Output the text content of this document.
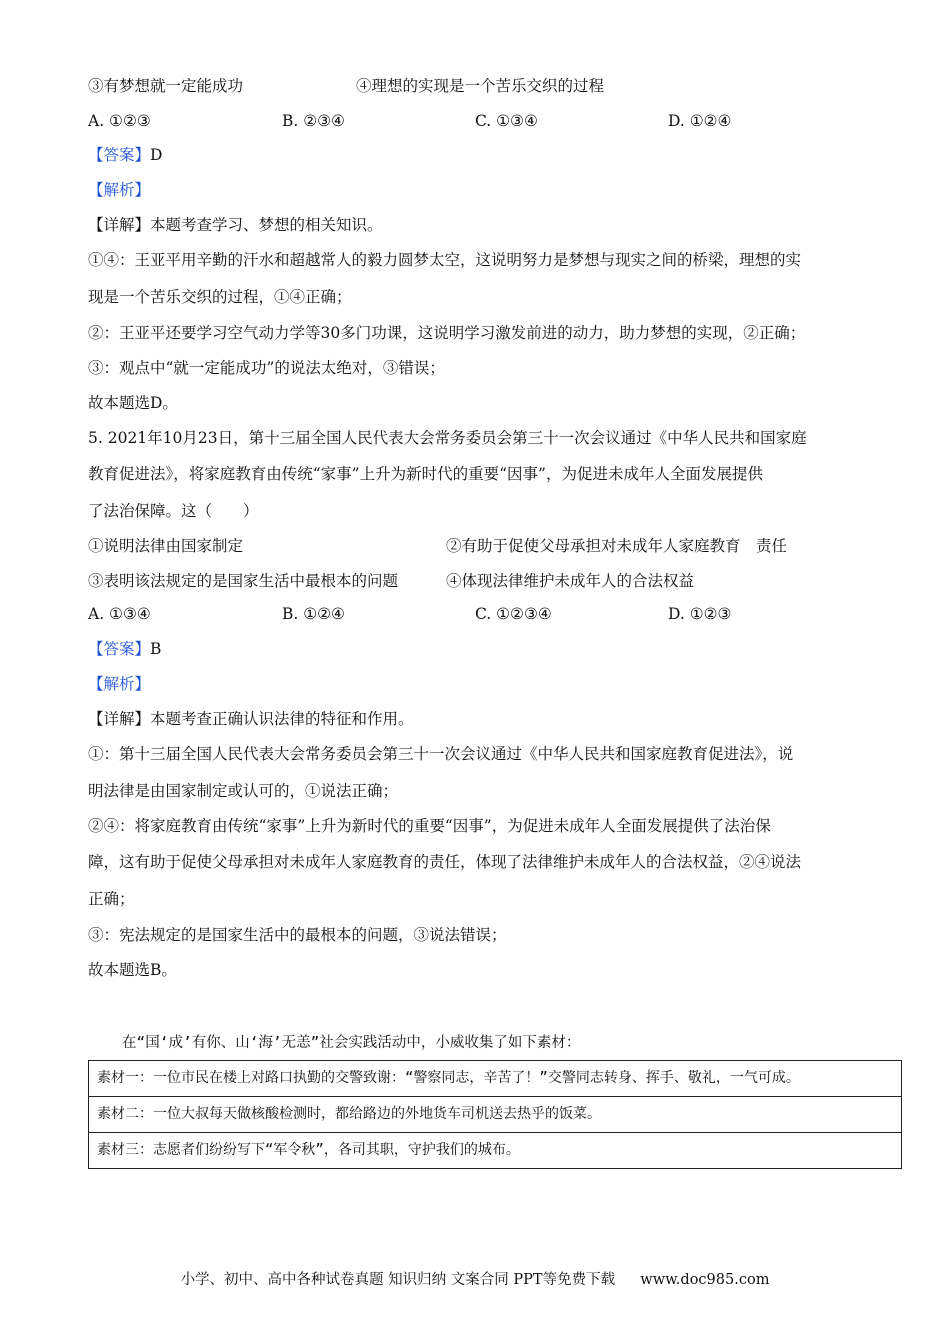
③有梦想就一定能成功	④理想的实现是一个苦乐交织的过程
A. ①②③	B. ②③④	C. ①③④	D. ①②④
【答案】D
【解析】
【详解】本题考查学习、梦想的相关知识。
①④：王亚平用辛勤的汗水和超越常人的毅力圆梦太空，这说明努力是梦想与现实之间的桥梁，理想的实
现是一个苦乐交织的过程，①④正确；
②：王亚平还要学习空气动力学等30多门功课，这说明学习激发前进的动力，助力梦想的实现，②正确；
③：观点中“就一定能成功”的说法太绝对，③错误；
故本题选D。
5. 2021年10月23日，第十三届全国人民代表大会常务委员会第三十一次会议通过《中华人民共和国家庭
教育促进法》，将家庭教育由传统“家事”上升为新时代的重要“因事”，为促进未成年人全面发展提供
了法治保障。这（　　）
①说明法律由国家制定	②有助于促使父母承担对未成年人家庭教育　责任
③表明该法规定的是国家生活中最根本的问题	④体现法律维护未成年人的合法权益
A. ①③④	B. ①②④	C. ①②③④	D. ①②③
【答案】B
【解析】
【详解】本题考查正确认识法律的特征和作用。
①：第十三届全国人民代表大会常务委员会第三十一次会议通过《中华人民共和国家庭教育促进法》，说
明法律是由国家制定或认可的，①说法正确；
②④：将家庭教育由传统“家事”上升为新时代的重要“因事”，为促进未成年人全面发展提供了法治保
障，这有助于促使父母承担对未成年人家庭教育的责任，体现了法律维护未成年人的合法权益，②④说法
正确；
③：宪法规定的是国家生活中的最根本的问题，③说法错误；
故本题选B。
在“国‘成’有你、山‘海’无恙”社会实践活动中，小威收集了如下素材：
素材一：一位市民在楼上对路口执勤的交警致谢：“警察同志，辛苦了！”交警同志转身、挥手、敬礼，一气可成。
素材二：一位大叔每天做核酸检测时，都给路边的外地货车司机送去热乎的饭菜。
素材三：志愿者们纷纷写下“军令秋”，各司其职，守护我们的城布。
小学、初中、高中各种试卷真题 知识归纳 文案合同 PPT等免费下载 www.doc985.com
